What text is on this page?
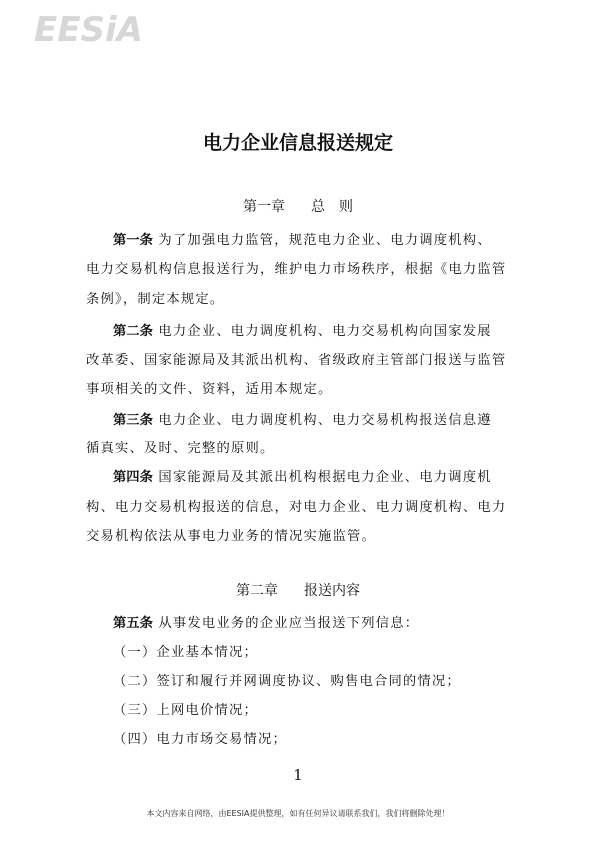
EESiA
电力企业信息报送规定
第一章 总　则
第一条 为了加强电力监管，规范电力企业、电力调度机构、
电力交易机构信息报送行为，维护电力市场秩序，根据《电力监管
条例》，制定本规定。
第二条 电力企业、电力调度机构、电力交易机构向国家发展
改革委、国家能源局及其派出机构、省级政府主管部门报送与监管
事项相关的文件、资料，适用本规定。
第三条 电力企业、电力调度机构、电力交易机构报送信息遵
循真实、及时、完整的原则。
第四条 国家能源局及其派出机构根据电力企业、电力调度机
构、电力交易机构报送的信息，对电力企业、电力调度机构、电力
交易机构依法从事电力业务的情况实施监管。
第二章 报送内容
第五条 从事发电业务的企业应当报送下列信息：
（一）企业基本情况；
（二）签订和履行并网调度协议、购售电合同的情况；
（三）上网电价情况；
（四）电力市场交易情况；
1
本文内容来自网络，由EESIA提供整理，如有任何异议请联系我们，我们将删除处理！
